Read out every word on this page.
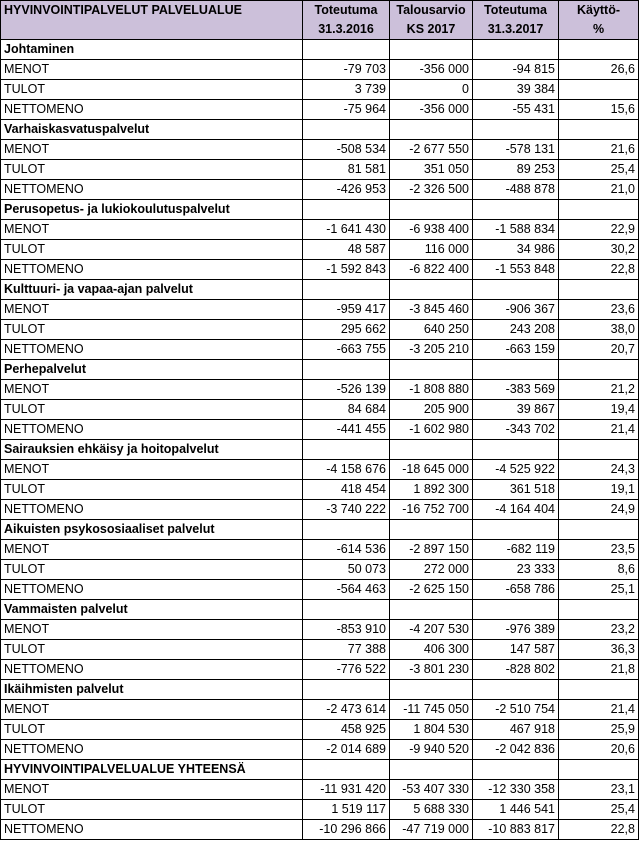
HYVINVOINTIPALVELUT PALVELUALUE	Toteutuma	Talousarvio	Toteutuma	Käyttö-
	31.3.2016	KS 2017	31.3.2017	%
Johtaminen				
MENOT	-79 703	-356 000	-94 815	26,6
TULOT	3 739	0	39 384	
NETTOMENO	-75 964	-356 000	-55 431	15,6
Varhaiskasvatuspalvelut				
MENOT	-508 534	-2 677 550	-578 131	21,6
TULOT	81 581	351 050	89 253	25,4
NETTOMENO	-426 953	-2 326 500	-488 878	21,0
Perusopetus- ja lukiokoulutuspalvelut				
MENOT	-1 641 430	-6 938 400	-1 588 834	22,9
TULOT	48 587	116 000	34 986	30,2
NETTOMENO	-1 592 843	-6 822 400	-1 553 848	22,8
Kulttuuri- ja vapaa-ajan palvelut				
MENOT	-959 417	-3 845 460	-906 367	23,6
TULOT	295 662	640 250	243 208	38,0
NETTOMENO	-663 755	-3 205 210	-663 159	20,7
Perhepalvelut				
MENOT	-526 139	-1 808 880	-383 569	21,2
TULOT	84 684	205 900	39 867	19,4
NETTOMENO	-441 455	-1 602 980	-343 702	21,4
Sairauksien ehkäisy ja hoitopalvelut				
MENOT	-4 158 676	-18 645 000	-4 525 922	24,3
TULOT	418 454	1 892 300	361 518	19,1
NETTOMENO	-3 740 222	-16 752 700	-4 164 404	24,9
Aikuisten psykososiaaliset palvelut				
MENOT	-614 536	-2 897 150	-682 119	23,5
TULOT	50 073	272 000	23 333	8,6
NETTOMENO	-564 463	-2 625 150	-658 786	25,1
Vammaisten palvelut				
MENOT	-853 910	-4 207 530	-976 389	23,2
TULOT	77 388	406 300	147 587	36,3
NETTOMENO	-776 522	-3 801 230	-828 802	21,8
Ikäihmisten palvelut				
MENOT	-2 473 614	-11 745 050	-2 510 754	21,4
TULOT	458 925	1 804 530	467 918	25,9
NETTOMENO	-2 014 689	-9 940 520	-2 042 836	20,6
HYVINVOINTIPALVELUALUE YHTEENSÄ				
MENOT	-11 931 420	-53 407 330	-12 330 358	23,1
TULOT	1 519 117	5 688 330	1 446 541	25,4
NETTOMENO	-10 296 866	-47 719 000	-10 883 817	22,8
